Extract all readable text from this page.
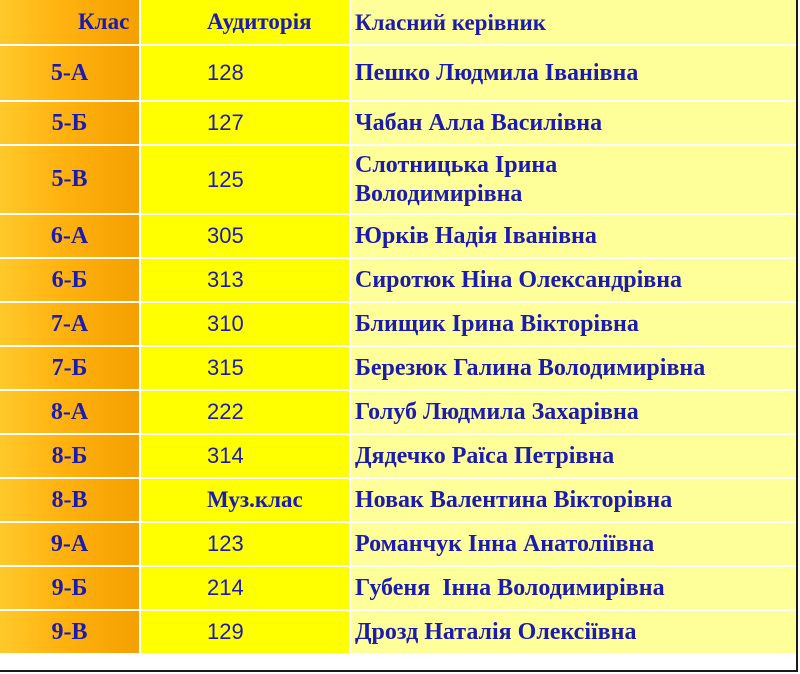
Клас	Аудиторія	Класний керівник
5-А	128	Пешко Людмила Іванівна
5-Б	127	Чабан Алла Василівна
5-В	125	Слотницька Ірина Володимирівна
6-А	305	Юрків Надія Іванівна
6-Б	313	Сиротюк Ніна Олександрівна
7-А	310	Блищик Ірина Вікторівна
7-Б	315	Березюк Галина Володимирівна
8-А	222	Голуб Людмила Захарівна
8-Б	314	Дядечко Раїса Петрівна
8-В	Муз.клас	Новак Валентина Вікторівна
9-А	123	Романчук Інна Анатоліївна
9-Б	214	Губеня  Інна Володимирівна
9-В	129	Дрозд Наталія Олексіївна
